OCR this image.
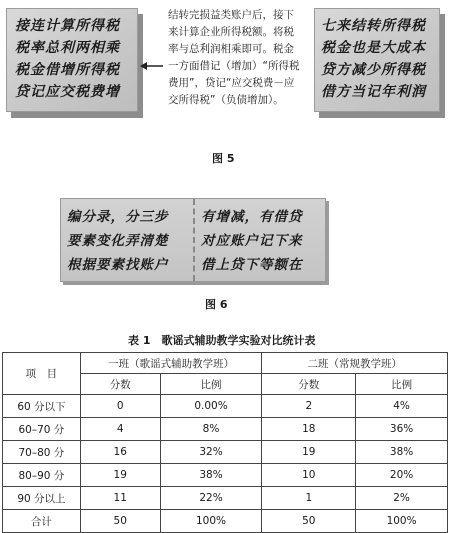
接连计算所得税
税率总利两相乘
税金借增所得税
贷记应交税费增
结转完损益类账户后，接下
来计算企业所得税额。将税
率与总利润相乘即可。税金
一方面借记（增加）“所得税
费用”，贷记“应交税费－应
交所得税”（负债增加）。
七来结转所得税
税金也是大成本
贷方减少所得税
借方当记年利润
图 5
编分录，分三步
要素变化弄清楚
根据要素找账户
有增减，有借贷
对应账户记下来
借上贷下等额在
图 6
表 1　歌谣式辅助教学实验对比统计表
项　目	一班（歌谣式辅助教学班）		二班（常规教学班）	
	分数	比例	分数	比例
60 分以下	0	0.00%	2	4%
60–70 分	4	8%	18	36%
70–80 分	16	32%	19	38%
80–90 分	19	38%	10	20%
90 分以上	11	22%	1	2%
合计	50	100%	50	100%
